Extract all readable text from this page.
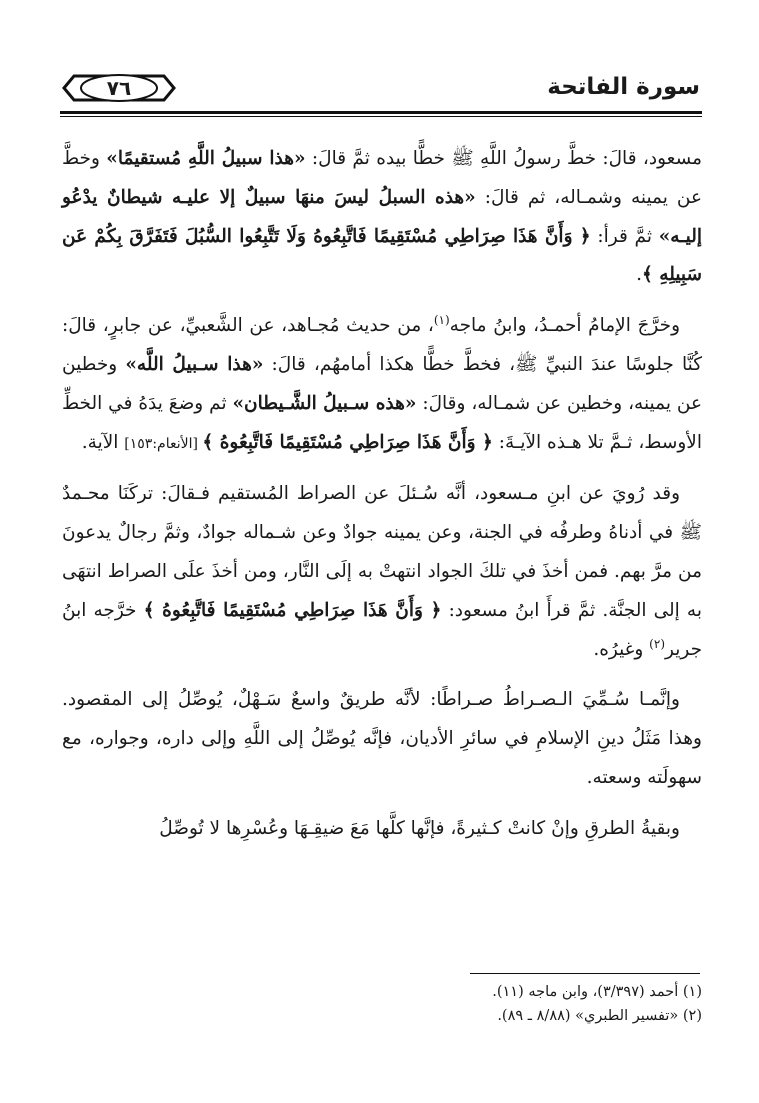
٧٦	سورة الفاتحة

مسعود، قالَ: خطَّ رسولُ اللَّهِ ﷺ خطًّا بيده ثمَّ قالَ: «هذا سبيلُ اللَّهِ مُستقيمًا» وخطَّ عن يمينه وشمـاله، ثم قالَ: «هذه السبلُ ليسَ منهَا سبيلٌ إلا عليـه شيطانٌ يدْعُو إليـه» ثمَّ قرأ: ﴿ وَأَنَّ هَذَا صِرَاطِي مُسْتَقِيمًا فَاتَّبِعُوهُ وَلَا تَتَّبِعُوا السُّبُلَ فَتَفَرَّقَ بِكُمْ عَن سَبِيلِهِ ﴾.

وخرَّجَ الإمامُ أحمـدُ، وابنُ ماجه$^{(١)}$، من حديث مُجـاهد، عن الشَّعبيِّ، عن جابرٍ، قالَ: كُنَّا جلوسًا عندَ النبيِّ ﷺ، فخطَّ خطًّا هكذا أمامهُم، قالَ: «هذا سـبيلُ اللَّه» وخطين عن يمينه، وخطين عن شمـاله، وقالَ: «هذه سـبيلُ الشَّـيطان» ثم وضعَ يدَهُ في الخطِّ الأوسط، ثـمَّ تلا هـذه الآيـةَ: ﴿ وَأَنَّ هَذَا صِرَاطِي مُسْتَقِيمًا فَاتَّبِعُوهُ ﴾ [الأنعام:١٥٣] الآية.

وقد رُويَ عن ابنِ مـسعود، أنَّه سُـئلَ عن الصراط المُستقيم فـقالَ: تركَنَا محـمدٌ ﷺ في أدناهُ وطرفُه في الجنة، وعن يمينه جوادٌ وعن شـماله جوادٌ، وثمَّ رجالٌ يدعونَ من مرَّ بهم. فمن أخذَ في تلكَ الجواد انتهتْ به إلَى النَّار، ومن أخذَ علَى الصراط انتهَى به إلى الجنَّة. ثمَّ قرأَ ابنُ مسعود: ﴿ وَأَنَّ هَذَا صِرَاطِي مُسْتَقِيمًا فَاتَّبِعُوهُ ﴾ خرَّجه ابنُ جرير$^{(٢)}$ وغيرُه.

وإنَّمـا سُـمِّيَ الـصـراطُ صـراطًا: لأنَّه طريقٌ واسعٌ سَـهْلٌ، يُوصِّلُ إلى المقصود. وهذا مَثَلُ دينِ الإسلامِ في سائرِ الأديان، فإنَّه يُوصِّلُ إلى اللَّهِ وإلى داره، وجواره، مع سهولَته وسعته.

وبقيةُ الطرقِ وإنْ كانتْ كـثيرةً، فإنَّها كلَّها مَعَ ضيقِـهَا وعُسْرِها لا تُوصِّلُ

(١) أحمد (٣/٣٩٧)، وابن ماجه (١١).
(٢) «تفسير الطبري» (٨/٨٨ ـ ٨٩).
